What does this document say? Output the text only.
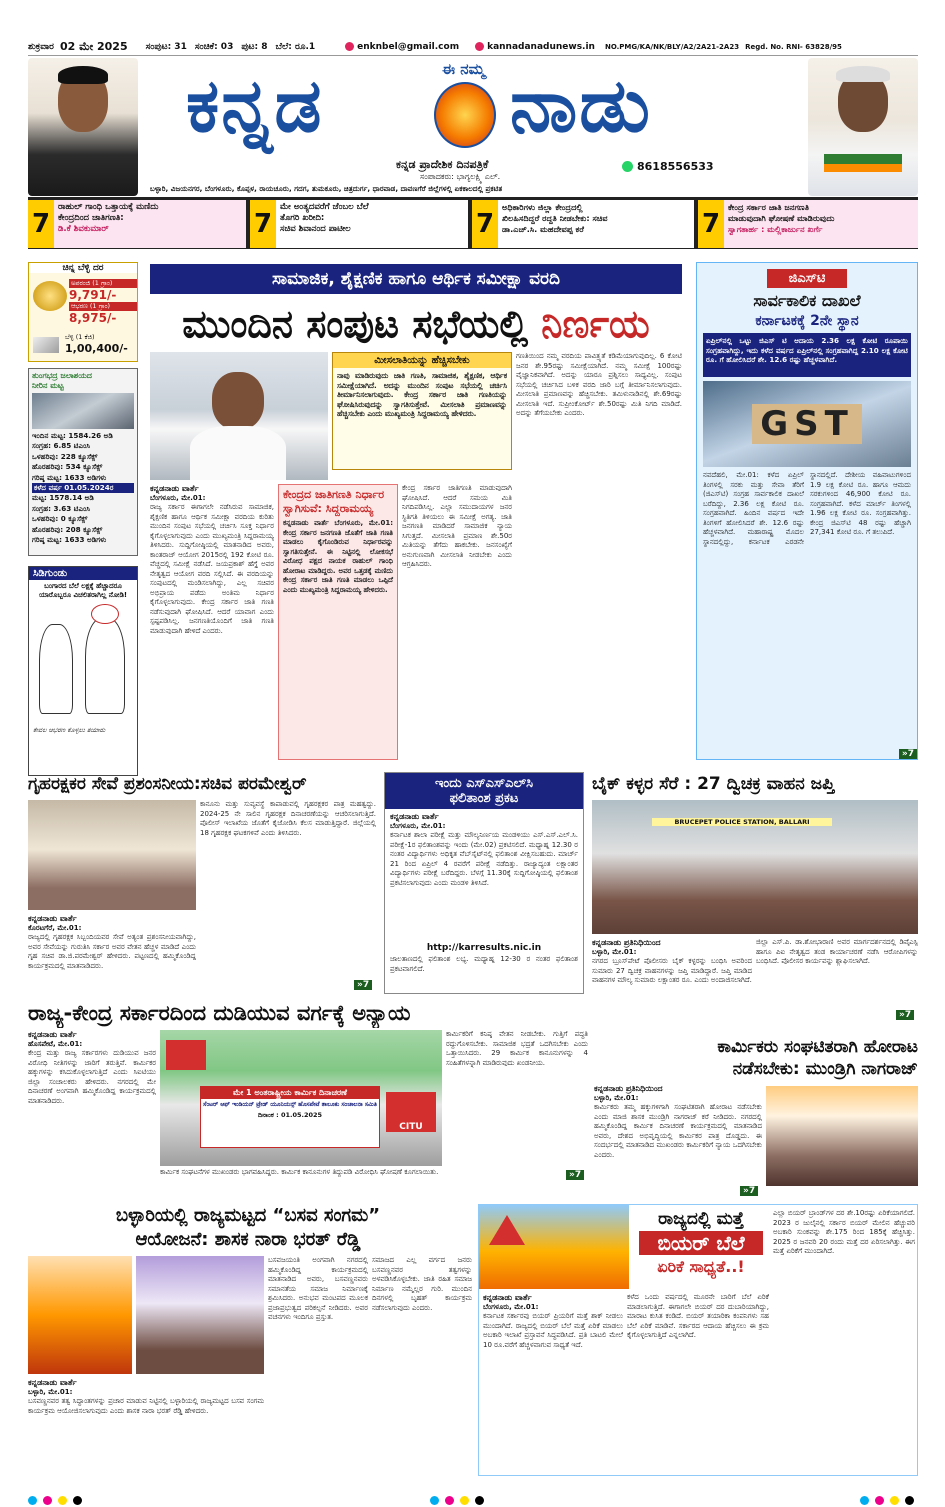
ಶುಕ್ರವಾರ 02 ಮೇ 2025 ಸಂಪುಟ: 31 ಸಂಚಿಕೆ: 03 ಪುಟ: 8 ಬೆಲೆ: ರೂ.1	enknbel@gmail.com	kannadanadunews.in NO.PMG/KA/NK/BLY/A2/2A21-2A23 Regd. No. RNI- 63828/95
ಕನ್ನಡ	ಈ ನಮ್ಮ ನಾಡು
ಕನ್ನಡ ಪ್ರಾದೇಶಿಕ ದಿನಪತ್ರಿಕೆ
ಸಂಪಾದಕರು: ಭಾಗ್ಯಲಕ್ಷ್ಮಿ ಎಲ್.
8618556533
ಬಳ್ಳಾರಿ, ವಿಜಯನಗರ, ಬೆಂಗಳೂರು, ಕೊಪ್ಪಳ, ರಾಯಚೂರು, ಗದಗ, ತುಮಕೂರು, ಚಿತ್ರದುರ್ಗ, ಧಾರವಾಡ, ದಾವಣಗೆರೆ ಜಿಲ್ಲೆಗಳಲ್ಲಿ ಏಕಕಾಲದಲ್ಲಿ ಪ್ರಕಟಿತ
7
ರಾಹುಲ್ ಗಾಂಧಿ ಒತ್ತಾಯಕ್ಕೆ ಮಣಿದು
ಕೇಂದ್ರದಿಂದ ಜಾತಿಗಣತಿ:
ಡಿ.ಕೆ ಶಿವಕುಮಾರ್	7
ಮೇ ಅಂತ್ಯದವರೆಗೆ ಜೆಂಬಲ ಬೆಲೆ
ತೊಗರಿ ಖರೀದಿ:
ಸಚಿವ ಶಿವಾನಂದ ಪಾಟೀಲ	7
ಅಧಿಕಾರಿಗಳು ಜಿಲ್ಲಾ ಕೇಂದ್ರದಲ್ಲಿ
ಖಿಲಹಿಸದಿದ್ದರೆ ರದ್ದತಿ ನೀಡಬೇಕು: ಸಚಿವ
ಡಾ.ಎಚ್.ಸಿ. ಮಹದೇವಪ್ಪ ಕರೆ	7
ಕೇಂದ್ರ ಸರ್ಕಾರ ಜಾತಿ ಜನಗಣತಿ
ಮಾಡುವುದಾಗಿ ಘೋಷಣೆ ಮಾಡಿರುವುದು
ಸ್ವಾಗತಾರ್ಹ : ಮಲ್ಲಿಕಾರ್ಜುನ ಖರ್ಗೆ
ಚಿನ್ನ ಬೆಳ್ಳಿ ದರ
ಅಪರಂಜಿ (1 ಗ್ರಾಂ)
9,791/-
ಆಭರಣ (1 ಗ್ರಾಂ)
8,975/-
ಬೆಳ್ಳಿ (1 ಕೆಜಿ)
1,00,400/-
ತುಂಗಭದ್ರ ಜಲಾಶಯದ
ನೀರಿನ ಮಟ್ಟ
ಇಂದಿನ ಮಟ್ಟ: 1584.26 ಅಡಿ
ಸಂಗ್ರಹ: 6.85 ಟಿಎಂಸಿ
ಒಳಹರಿವು: 228 ಕ್ಯೂಸೆಕ್ಸ್
ಹೊರಹರಿವು: 534 ಕ್ಯೂಸೆಕ್ಸ್
ಗರಿಷ್ಠ ಮಟ್ಟ: 1633 ಅಡಿಗಳು
ಕಳೆದ ವರ್ಷ 01.05.2024ರ
ಮಟ್ಟ: 1578.14 ಅಡಿ
ಸಂಗ್ರಹ: 3.63 ಟಿಎಂಸಿ
ಒಳಹರಿವು: 0 ಕ್ಯೂಸೆಕ್ಸ್
ಹೊರಹರಿವು: 208 ಕ್ಯೂಸೆಕ್ಸ್
ಗರಿಷ್ಠ ಮಟ್ಟ: 1633 ಅಡಿಗಳು
ಸಿಡಿಗುಂಡು
ಬಂಗಾರದ ಬೆಲೆ ಲಕ್ಷಕ್ಕೆ ಹೆಚ್ಚಾದರೂ ಯಾರೊಬ್ಬರೂ ವಿಚಲಿತರಾಗಿಲ್ಲ ನೋಡಿ!
ಕೇವಲ ಆಭರಣ ಕೊಳ್ಳಲು ತಯಾರು
ಸಾಮಾಜಿಕ, ಶೈಕ್ಷಣಿಕ ಹಾಗೂ ಆರ್ಥಿಕ ಸಮೀಕ್ಷಾ ವರದಿ
ಮುಂದಿನ ಸಂಪುಟ ಸಭೆಯಲ್ಲಿ ನಿರ್ಣಯ
ಮೀಸಲಾತಿಯನ್ನು ಹೆಚ್ಚಿಸಬೇಕು
ನಾವು ಮಾಡಿರುವುದು ಜಾತಿ ಗಣತಿ, ಸಾಮಾಜಿಕ, ಶೈಕ್ಷಣಿಕ, ಆರ್ಥಿಕ ಸಮೀಕ್ಷೆಯಾಗಿದೆ. ಅದನ್ನು ಮುಂದಿನ ಸಂಪುಟ ಸಭೆಯಲ್ಲಿ ಚರ್ಚಿಸಿ ತೀರ್ಮಾನಿಸಲಾಗುವುದು. ಕೇಂದ್ರ ಸರ್ಕಾರ ಜಾತಿ ಗಣತಿಯನ್ನು ಘೋಷಿಸಿರುವುದನ್ನು ಸ್ವಾಗತಿಸುತ್ತೇವೆ. ಮೀಸಲಾತಿ ಪ್ರಮಾಣವನ್ನು ಹೆಚ್ಚಿಸಬೇಕು ಎಂದು ಮುಖ್ಯಮಂತ್ರಿ ಸಿದ್ದರಾಮಯ್ಯ ಹೇಳಿದರು.
ಕನ್ನಡನಾಡು ವಾರ್ತೆ
ಬೆಂಗಳೂರು, ಮೇ.01:
ರಾಜ್ಯ ಸರ್ಕಾರ ಈಗಾಗಲೇ ನಡೆಸಿರುವ ಸಾಮಾಜಿಕ, ಶೈಕ್ಷಣಿಕ ಹಾಗೂ ಆರ್ಥಿಕ ಸಮೀಕ್ಷಾ ವರದಿಯ ಕುರಿತು ಮುಂದಿನ ಸಂಪುಟ ಸಭೆಯಲ್ಲಿ ಚರ್ಚಿಸಿ ಸೂಕ್ತ ನಿರ್ಧಾರ ಕೈಗೊಳ್ಳಲಾಗುವುದು ಎಂದು ಮುಖ್ಯಮಂತ್ರಿ ಸಿದ್ದರಾಮಯ್ಯ ತಿಳಿಸಿದರು. ಸುದ್ದಿಗೋಷ್ಠಿಯಲ್ಲಿ ಮಾತನಾಡಿದ ಅವರು, ಕಾಂತರಾಜ್ ಆಯೋಗ 2015ರಲ್ಲಿ 192 ಕೋಟಿ ರೂ. ವೆಚ್ಚದಲ್ಲಿ ಸಮೀಕ್ಷೆ ನಡೆಸಿದೆ. ಜಯಪ್ರಕಾಶ್ ಹೆಗ್ಡೆ ಅವರ ನೇತೃತ್ವದ ಆಯೋಗ ವರದಿ ಸಲ್ಲಿಸಿದೆ. ಈ ವರದಿಯನ್ನು ಸಂಪುಟದಲ್ಲಿ ಮಂಡಿಸಲಾಗಿದ್ದು, ಎಲ್ಲ ಸಚಿವರ ಅಭಿಪ್ರಾಯ ಪಡೆದು ಅಂತಿಮ ನಿರ್ಧಾರ ಕೈಗೊಳ್ಳಲಾಗುವುದು. ಕೇಂದ್ರ ಸರ್ಕಾರ ಜಾತಿ ಗಣತಿ ನಡೆಸುವುದಾಗಿ ಘೋಷಿಸಿದೆ. ಆದರೆ ಯಾವಾಗ ಎಂದು ಸ್ಪಷ್ಟಪಡಿಸಿಲ್ಲ. ಜನಗಣತಿಯೊಂದಿಗೆ ಜಾತಿ ಗಣತಿ ಮಾಡುವುದಾಗಿ ಹೇಳಿದೆ ಎಂದರು.
ಕೇಂದ್ರದ ಜಾತಿಗಣತಿ ನಿರ್ಧಾರ ಸ್ವಾಗಿಸುವೆ: ಸಿದ್ದರಾಮಯ್ಯ
ಕನ್ನಡನಾಡು ವಾರ್ತೆ ಬೆಂಗಳೂರು, ಮೇ.01: ಕೇಂದ್ರ ಸರ್ಕಾರ ಜನಗಣತಿ ಜೊತೆಗೆ ಜಾತಿ ಗಣತಿ ಮಾಡಲು ಕೈಗೊಂಡಿರುವ ನಿರ್ಧಾರವನ್ನು ಸ್ವಾಗತಿಸುತ್ತೇನೆ. ಈ ನಿಟ್ಟಿನಲ್ಲಿ ಲೋಕಸಭೆ ವಿರೋಧ ಪಕ್ಷದ ನಾಯಕ ರಾಹುಲ್ ಗಾಂಧಿ ಹೋರಾಟ ಮಾಡಿದ್ದರು. ಅವರ ಒತ್ತಡಕ್ಕೆ ಮಣಿದು ಕೇಂದ್ರ ಸರ್ಕಾರ ಜಾತಿ ಗಣತಿ ಮಾಡಲು ಒಪ್ಪಿದೆ ಎಂದು ಮುಖ್ಯಮಂತ್ರಿ ಸಿದ್ದರಾಮಯ್ಯ ಹೇಳಿದರು.
ಕೇಂದ್ರ ಸರ್ಕಾರ ಜಾತಿಗಣತಿ ಮಾಡುವುದಾಗಿ ಘೋಷಿಸಿದೆ. ಆದರೆ ಸಮಯ ಮಿತಿ ನಿಗದಿಪಡಿಸಿಲ್ಲ. ಎಲ್ಲಾ ಸಮುದಾಯಗಳ ಜನರ ಸ್ಥಿತಿಗತಿ ತಿಳಿಯಲು ಈ ಸಮೀಕ್ಷೆ ಅಗತ್ಯ. ಜಾತಿ ಜನಗಣತಿ ಮಾಡಿದರೆ ಸಾಮಾಜಿಕ ನ್ಯಾಯ ಸಿಗುತ್ತದೆ. ಮೀಸಲಾತಿ ಪ್ರಮಾಣ ಶೇ.50ರ ಮಿತಿಯನ್ನು ತೆಗೆದು ಹಾಕಬೇಕು. ಜನಸಂಖ್ಯೆಗೆ ಅನುಗುಣವಾಗಿ ಮೀಸಲಾತಿ ನೀಡಬೇಕು ಎಂದು ಆಗ್ರಹಿಸಿದರು.
ಗಣತಿಯಿಂದ ನಮ್ಮ ವರದಿಯ ಪಾವಿತ್ರ್ಯತೆ ಕಡಿಮೆಯಾಗುವುದಿಲ್ಲ. 6 ಕೋಟಿ ಜನರ ಶೇ.95ರಷ್ಟು ಸಮೀಕ್ಷೆಯಾಗಿದೆ. ನಮ್ಮ ಸಮೀಕ್ಷೆ 100ರಷ್ಟು ವೈಜ್ಞಾನಿಕವಾಗಿದೆ. ಅದನ್ನು ಯಾರೂ ಪ್ರಶ್ನಿಸಲು ಸಾಧ್ಯವಿಲ್ಲ. ಸಂಪುಟ ಸಭೆಯಲ್ಲಿ ಚರ್ಚಿಸಿದ ಬಳಿಕ ವರದಿ ಜಾರಿ ಬಗ್ಗೆ ತೀರ್ಮಾನಿಸಲಾಗುವುದು. ಮೀಸಲಾತಿ ಪ್ರಮಾಣವನ್ನು ಹೆಚ್ಚಿಸಬೇಕು. ತಮಿಳುನಾಡಿನಲ್ಲಿ ಶೇ.69ರಷ್ಟು ಮೀಸಲಾತಿ ಇದೆ. ಸುಪ್ರೀಂಕೋರ್ಟ್ ಶೇ.50ರಷ್ಟು ಮಿತಿ ನಿಗದಿ ಮಾಡಿದೆ. ಅದನ್ನು ತೆಗೆಯಬೇಕು ಎಂದರು.
ಜಿಎಸ್‌ಟಿ
ಸಾರ್ವಕಾಲಿಕ ದಾಖಲೆ
ಕರ್ನಾಟಕಕ್ಕೆ 2ನೇ ಸ್ಥಾನ
ಏಪ್ರಿಲ್‌ನಲ್ಲಿ ಒಟ್ಟು ಜಿಎಸ್ ಟಿ ಆದಾಯ 2.36 ಲಕ್ಷ ಕೋಟಿ ರೂಪಾಯಿ ಸಂಗ್ರಹವಾಗಿದ್ದು, ಇದು ಕಳೆದ ವರ್ಷದ ಏಪ್ರಿಲ್‌ನಲ್ಲಿ ಸಂಗ್ರಹವಾಗಿದ್ದ 2.10 ಲಕ್ಷ ಕೋಟಿ ರೂ. ಗೆ ಹೋಲಿಸಿದರೆ ಶೇ. 12.6 ರಷ್ಟು ಹೆಚ್ಚಳವಾಗಿದೆ.
GST
ನವದೆಹಲಿ, ಮೇ.01: ಕಳೆದ ಏಪ್ರಿಲ್ ತಿಂಗಳಲ್ಲಿ ಸರಕು ಮತ್ತು ಸೇವಾ ತೆರಿಗೆ (ಜಿಎಸ್‌ಟಿ) ಸಂಗ್ರಹ ಸಾರ್ವಕಾಲಿಕ ದಾಖಲೆ ಬರೆದಿದ್ದು, 2.36 ಲಕ್ಷ ಕೋಟಿ ರೂ. ಸಂಗ್ರಹವಾಗಿದೆ. ಹಿಂದಿನ ವರ್ಷದ ಇದೇ ತಿಂಗಳಿಗೆ ಹೋಲಿಸಿದರೆ ಶೇ. 12.6 ರಷ್ಟು ಹೆಚ್ಚಳವಾಗಿದೆ. ಮಹಾರಾಷ್ಟ್ರ ಮೊದಲ ಸ್ಥಾನದಲ್ಲಿದ್ದು, ಕರ್ನಾಟಕ ಎರಡನೇ ಸ್ಥಾನದಲ್ಲಿದೆ. ದೇಶೀಯ ವಹಿವಾಟುಗಳಿಂದ 1.9 ಲಕ್ಷ ಕೋಟಿ ರೂ. ಹಾಗೂ ಆಮದು ಸರಕುಗಳಿಂದ 46,900 ಕೋಟಿ ರೂ. ಸಂಗ್ರಹವಾಗಿದೆ. ಕಳೆದ ಮಾರ್ಚ್ ತಿಂಗಳಲ್ಲಿ 1.96 ಲಕ್ಷ ಕೋಟಿ ರೂ. ಸಂಗ್ರಹವಾಗಿತ್ತು. ಕೇಂದ್ರ ಜಿಎಸ್‌ಟಿ 48 ರಷ್ಟು ಹೆಚ್ಚಾಗಿ 27,341 ಕೋಟಿ ರೂ. ಗೆ ತಲುಪಿದೆ.
»7
ಗೃಹರಕ್ಷಕರ ಸೇವೆ ಪ್ರಶಂಸನೀಯ:ಸಚಿವ ಪರಮೇಶ್ವರ್
ಕನ್ನಡನಾಡು ವಾರ್ತೆ
ಕೊರಟಗೆರೆ, ಮೇ.01:
ರಾಜ್ಯದಲ್ಲಿ ಗೃಹರಕ್ಷಕ ಸಿಬ್ಬಂದಿಯವರ ಸೇವೆ ಅತ್ಯಂತ ಪ್ರಶಂಸನೀಯವಾಗಿದ್ದು, ಅವರ ಸೇವೆಯನ್ನು ಗುರುತಿಸಿ ಸರ್ಕಾರ ಅವರ ವೇತನ ಹೆಚ್ಚಳ ಮಾಡಿದೆ ಎಂದು ಗೃಹ ಸಚಿವ ಡಾ.ಜಿ.ಪರಮೇಶ್ವರ್ ಹೇಳಿದರು. ಪಟ್ಟಣದಲ್ಲಿ ಹಮ್ಮಿಕೊಂಡಿದ್ದ ಕಾರ್ಯಕ್ರಮದಲ್ಲಿ ಮಾತನಾಡಿದರು.
ಕಾನೂನು ಮತ್ತು ಸುವ್ಯವಸ್ಥೆ ಕಾಪಾಡುವಲ್ಲಿ ಗೃಹರಕ್ಷಕರ ಪಾತ್ರ ಮಹತ್ವದ್ದು. 2024-25 ನೇ ಸಾಲಿನ ಗೃಹರಕ್ಷಕ ದಿನಾಚರಣೆಯನ್ನು ಆಚರಿಸಲಾಗುತ್ತಿದೆ. ಪೊಲೀಸ್ ಇಲಾಖೆಯ ಜೊತೆಗೆ ಕೈಜೋಡಿಸಿ ಕೆಲಸ ಮಾಡುತ್ತಿದ್ದಾರೆ. ಜಿಲ್ಲೆಯಲ್ಲಿ 18 ಗೃಹರಕ್ಷಕ ಘಟಕಗಳಿವೆ ಎಂದು ತಿಳಿಸಿದರು.
»7
ಇಂದು ಎಸ್‌ಎಸ್‌ಎಲ್‌ಸಿ
ಫಲಿತಾಂಶ ಪ್ರಕಟ
ಕನ್ನಡನಾಡು ವಾರ್ತೆ
ಬೆಂಗಳೂರು, ಮೇ.01:
ಕರ್ನಾಟಕ ಶಾಲಾ ಪರೀಕ್ಷೆ ಮತ್ತು ಮೌಲ್ಯನಿರ್ಣಯ ಮಂಡಳಿಯು ಎಸ್.ಎಸ್.ಎಲ್.ಸಿ. ಪರೀಕ್ಷೆ-1ರ ಫಲಿತಾಂಶವನ್ನು ಇಂದು (ಮೇ.02) ಪ್ರಕಟಿಸಲಿದೆ. ಮಧ್ಯಾಹ್ನ 12.30 ರ ನಂತರ ವಿದ್ಯಾರ್ಥಿಗಳು ಅಧಿಕೃತ ವೆಬ್‌ಸೈಟ್‌ನಲ್ಲಿ ಫಲಿತಾಂಶ ವೀಕ್ಷಿಸಬಹುದು. ಮಾರ್ಚ್ 21 ರಿಂದ ಏಪ್ರಿಲ್ 4 ರವರೆಗೆ ಪರೀಕ್ಷೆ ನಡೆದಿತ್ತು. ರಾಜ್ಯಾದ್ಯಂತ ಲಕ್ಷಾಂತರ ವಿದ್ಯಾರ್ಥಿಗಳು ಪರೀಕ್ಷೆ ಬರೆದಿದ್ದರು. ಬೆಳಗ್ಗೆ 11.30ಕ್ಕೆ ಸುದ್ದಿಗೋಷ್ಠಿಯಲ್ಲಿ ಫಲಿತಾಂಶ ಪ್ರಕಟಿಸಲಾಗುವುದು ಎಂದು ಮಂಡಳಿ ತಿಳಿಸಿದೆ.
http://karresults.nic.in
ಜಾಲತಾಣದಲ್ಲಿ ಫಲಿತಾಂಶ ಲಭ್ಯ. ಮಧ್ಯಾಹ್ನ 12-30 ರ ನಂತರ ಫಲಿತಾಂಶ ಪ್ರಕಟವಾಗಲಿದೆ.
ಬೈಕ್ ಕಳ್ಳರ ಸೆರೆ : 27 ದ್ವಿಚಕ್ರ ವಾಹನ ಜಪ್ತಿ
BRUCEPET POLICE STATION, BALLARI
ಕನ್ನಡನಾಡು ಪ್ರತಿನಿಧಿಯಿಂದ
ಬಳ್ಳಾರಿ, ಮೇ.01:
ನಗರದ ಬ್ರೂಸ್‌ಪೇಟೆ ಪೊಲೀಸರು ಬೈಕ್ ಕಳ್ಳರನ್ನು ಬಂಧಿಸಿ ಅವರಿಂದ ಸುಮಾರು 27 ದ್ವಿಚಕ್ರ ವಾಹನಗಳನ್ನು ಜಪ್ತಿ ಮಾಡಿದ್ದಾರೆ. ಜಪ್ತಿ ಮಾಡಿದ ವಾಹನಗಳ ಮೌಲ್ಯ ಸುಮಾರು ಲಕ್ಷಾಂತರ ರೂ. ಎಂದು ಅಂದಾಜಿಸಲಾಗಿದೆ.
ಜಿಲ್ಲಾ ಎಸ್.ಪಿ. ಡಾ.ಶೋಭಾರಾಣಿ ಅವರ ಮಾರ್ಗದರ್ಶನದಲ್ಲಿ ಡಿವೈಎಸ್ಪಿ ಹಾಗೂ ಪಿಐ ನೇತೃತ್ವದ ತಂಡ ಕಾರ್ಯಾಚರಣೆ ನಡೆಸಿ ಆರೋಪಿಗಳನ್ನು ಬಂಧಿಸಿದೆ. ಪೊಲೀಸರ ಕಾರ್ಯವನ್ನು ಶ್ಲಾಘಿಸಲಾಗಿದೆ.
»7
ರಾಜ್ಯ-ಕೇಂದ್ರ ಸರ್ಕಾರದಿಂದ ದುಡಿಯುವ ವರ್ಗಕ್ಕೆ ಅನ್ಯಾಯ
ಕನ್ನಡನಾಡು ವಾರ್ತೆ
ಹೊಸಪೇಟೆ, ಮೇ.01:
ಕೇಂದ್ರ ಮತ್ತು ರಾಜ್ಯ ಸರ್ಕಾರಗಳು ದುಡಿಯುವ ಜನರ ವಿರೋಧಿ ನೀತಿಗಳನ್ನು ಜಾರಿಗೆ ತರುತ್ತಿವೆ. ಕಾರ್ಮಿಕರ ಹಕ್ಕುಗಳನ್ನು ಕಸಿದುಕೊಳ್ಳಲಾಗುತ್ತಿದೆ ಎಂದು ಸಿಐಟಿಯು ಜಿಲ್ಲಾ ಸಂಚಾಲಕರು ಹೇಳಿದರು. ನಗರದಲ್ಲಿ ಮೇ ದಿನಾಚರಣೆ ಅಂಗವಾಗಿ ಹಮ್ಮಿಕೊಂಡಿದ್ದ ಕಾರ್ಯಕ್ರಮದಲ್ಲಿ ಮಾತನಾಡಿದರು.
CITU
ಮೇ 1 ಅಂತರಾಷ್ಟ್ರೀಯ ಕಾರ್ಮಿಕ ದಿನಾಚರಣೆ
ಸೆಂಟರ್ ಆಫ್ ಇಂಡಿಯನ್ ಟ್ರೇಡ್ ಯೂನಿಯನ್ಸ್ ಹೊಸಪೇಟೆ ತಾಲೂಕು ಸಂಚಾಲನಾ ಸಮಿತಿ
ದಿನಾಂಕ : 01.05.2025
ಕಾರ್ಮಿಕ ಸಂಘಟನೆಗಳ ಮುಖಂಡರು ಭಾಗವಹಿಸಿದ್ದರು. ಕಾರ್ಮಿಕ ಕಾನೂನುಗಳ ತಿದ್ದುಪಡಿ ವಿರೋಧಿಸಿ ಘೋಷಣೆ ಕೂಗಲಾಯಿತು.
ಕಾರ್ಮಿಕರಿಗೆ ಕನಿಷ್ಠ ವೇತನ ನೀಡಬೇಕು. ಗುತ್ತಿಗೆ ಪದ್ಧತಿ ರದ್ದುಗೊಳಿಸಬೇಕು. ಸಾಮಾಜಿಕ ಭದ್ರತೆ ಒದಗಿಸಬೇಕು ಎಂದು ಒತ್ತಾಯಿಸಿದರು. 29 ಕಾರ್ಮಿಕ ಕಾನೂನುಗಳನ್ನು 4 ಸಂಹಿತೆಗಳನ್ನಾಗಿ ಮಾಡಿರುವುದು ಖಂಡನೀಯ.
»7
ಕಾರ್ಮಿಕರು ಸಂಘಟಿತರಾಗಿ ಹೋರಾಟ
ನಡೆಸಬೇಕು: ಮುಂಡ್ರಿಗಿ ನಾಗರಾಜ್
ಕನ್ನಡನಾಡು ಪ್ರತಿನಿಧಿಯಿಂದ
ಬಳ್ಳಾರಿ, ಮೇ.01:
ಕಾರ್ಮಿಕರು ತಮ್ಮ ಹಕ್ಕುಗಳಿಗಾಗಿ ಸಂಘಟಿತರಾಗಿ ಹೋರಾಟ ನಡೆಸಬೇಕು ಎಂದು ಮಾಜಿ ಶಾಸಕ ಮುಂಡ್ರಿಗಿ ನಾಗರಾಜ್ ಕರೆ ನೀಡಿದರು. ನಗರದಲ್ಲಿ ಹಮ್ಮಿಕೊಂಡಿದ್ದ ಕಾರ್ಮಿಕ ದಿನಾಚರಣೆ ಕಾರ್ಯಕ್ರಮದಲ್ಲಿ ಮಾತನಾಡಿದ ಅವರು, ದೇಶದ ಅಭಿವೃದ್ಧಿಯಲ್ಲಿ ಕಾರ್ಮಿಕರ ಪಾತ್ರ ದೊಡ್ಡದು. ಈ ಸಂದರ್ಭದಲ್ಲಿ ಮಾತನಾಡಿದ ಮುಖಂಡರು ಕಾರ್ಮಿಕರಿಗೆ ನ್ಯಾಯ ಒದಗಿಸಬೇಕು ಎಂದರು.
»7
ಬಳ್ಳಾರಿಯಲ್ಲಿ ರಾಜ್ಯಮಟ್ಟದ “ಬಸವ ಸಂಗಮ”
ಆಯೋಜನೆ: ಶಾಸಕ ನಾರಾ ಭರತ್ ರೆಡ್ಡಿ
ಕನ್ನಡನಾಡು ವಾರ್ತೆ
ಬಳ್ಳಾರಿ, ಮೇ.01:
ಬಸವಣ್ಣನವರ ತತ್ವ ಸಿದ್ಧಾಂತಗಳನ್ನು ಪ್ರಚಾರ ಮಾಡುವ ನಿಟ್ಟಿನಲ್ಲಿ ಬಳ್ಳಾರಿಯಲ್ಲಿ ರಾಜ್ಯಮಟ್ಟದ ಬಸವ ಸಂಗಮ ಕಾರ್ಯಕ್ರಮ ಆಯೋಜಿಸಲಾಗುವುದು ಎಂದು ಶಾಸಕ ನಾರಾ ಭರತ್ ರೆಡ್ಡಿ ಹೇಳಿದರು.
ಬಸವಜಯಂತಿ ಅಂಗವಾಗಿ ನಗರದಲ್ಲಿ ಹಮ್ಮಿಕೊಂಡಿದ್ದ ಕಾರ್ಯಕ್ರಮದಲ್ಲಿ ಮಾತನಾಡಿದ ಅವರು, ಬಸವಣ್ಣನವರು ಸಮಾನತೆಯ ಸಮಾಜ ನಿರ್ಮಾಣಕ್ಕೆ ಶ್ರಮಿಸಿದರು. ಅನುಭವ ಮಂಟಪದ ಮೂಲಕ ಪ್ರಜಾಪ್ರಭುತ್ವದ ಪರಿಕಲ್ಪನೆ ನೀಡಿದರು. ಅವರ ವಚನಗಳು ಇಂದಿಗೂ ಪ್ರಸ್ತುತ.
ಸಮಾಜದ ಎಲ್ಲ ವರ್ಗದ ಜನರು ಬಸವಣ್ಣನವರ ತತ್ವಗಳನ್ನು ಅಳವಡಿಸಿಕೊಳ್ಳಬೇಕು. ಜಾತಿ ರಹಿತ ಸಮಾಜ ನಿರ್ಮಾಣ ನಮ್ಮೆಲ್ಲರ ಗುರಿ. ಮುಂದಿನ ದಿನಗಳಲ್ಲಿ ಬೃಹತ್ ಕಾರ್ಯಕ್ರಮ ನಡೆಸಲಾಗುವುದು ಎಂದರು.
ರಾಜ್ಯದಲ್ಲಿ ಮತ್ತೆ
ಬಿಯರ್ ಬೆಲೆ
ಏರಿಕೆ ಸಾಧ್ಯತೆ..!
ಕನ್ನಡನಾಡು ವಾರ್ತೆ
ಬೆಂಗಳೂರು, ಮೇ.01:
ಕರ್ನಾಟಕ ಸರ್ಕಾರವು ಬಿಯರ್ ಪ್ರಿಯರಿಗೆ ಮತ್ತೆ ಶಾಕ್ ನೀಡಲು ಮುಂದಾಗಿದೆ. ರಾಜ್ಯದಲ್ಲಿ ಬಿಯರ್ ಬೆಲೆ ಮತ್ತೆ ಏರಿಕೆ ಮಾಡಲು ಅಬಕಾರಿ ಇಲಾಖೆ ಪ್ರಸ್ತಾವನೆ ಸಿದ್ಧಪಡಿಸಿದೆ. ಪ್ರತಿ ಬಾಟಲಿ ಮೇಲೆ 10 ರೂ.ವರೆಗೆ ಹೆಚ್ಚಳವಾಗುವ ಸಾಧ್ಯತೆ ಇದೆ.
ಕಳೆದ ಒಂದು ವರ್ಷದಲ್ಲಿ ಮೂರನೇ ಬಾರಿಗೆ ಬೆಲೆ ಏರಿಕೆ ಮಾಡಲಾಗುತ್ತಿದೆ. ಈಗಾಗಲೇ ಬಿಯರ್ ದರ ದುಬಾರಿಯಾಗಿದ್ದು, ಮಾರಾಟ ಕುಸಿತ ಕಂಡಿದೆ. ಬಿಯರ್ ತಯಾರಿಕಾ ಕಂಪನಿಗಳು ಸಹ ಬೆಲೆ ಏರಿಕೆ ಮಾಡಿವೆ. ಸರ್ಕಾರದ ಆದಾಯ ಹೆಚ್ಚಿಸಲು ಈ ಕ್ರಮ ಕೈಗೊಳ್ಳಲಾಗುತ್ತಿದೆ ಎನ್ನಲಾಗಿದೆ.
ಎಲ್ಲಾ ಬಿಯರ್ ಬ್ರಾಂಡ್‌ಗಳ ದರ ಶೇ.10ರಷ್ಟು ಏರಿಕೆಯಾಗಲಿದೆ. 2023 ರ ಜುಲೈನಲ್ಲಿ ಸರ್ಕಾರ ಬಿಯರ್ ಮೇಲಿನ ಹೆಚ್ಚುವರಿ ಅಬಕಾರಿ ಸುಂಕವನ್ನು ಶೇ.175 ರಿಂದ 185ಕ್ಕೆ ಹೆಚ್ಚಿಸಿತ್ತು. 2025 ರ ಜನವರಿ 20 ರಂದು ಮತ್ತೆ ದರ ಏರಿಸಲಾಗಿತ್ತು. ಈಗ ಮತ್ತೆ ಏರಿಕೆಗೆ ಮುಂದಾಗಿದೆ.
